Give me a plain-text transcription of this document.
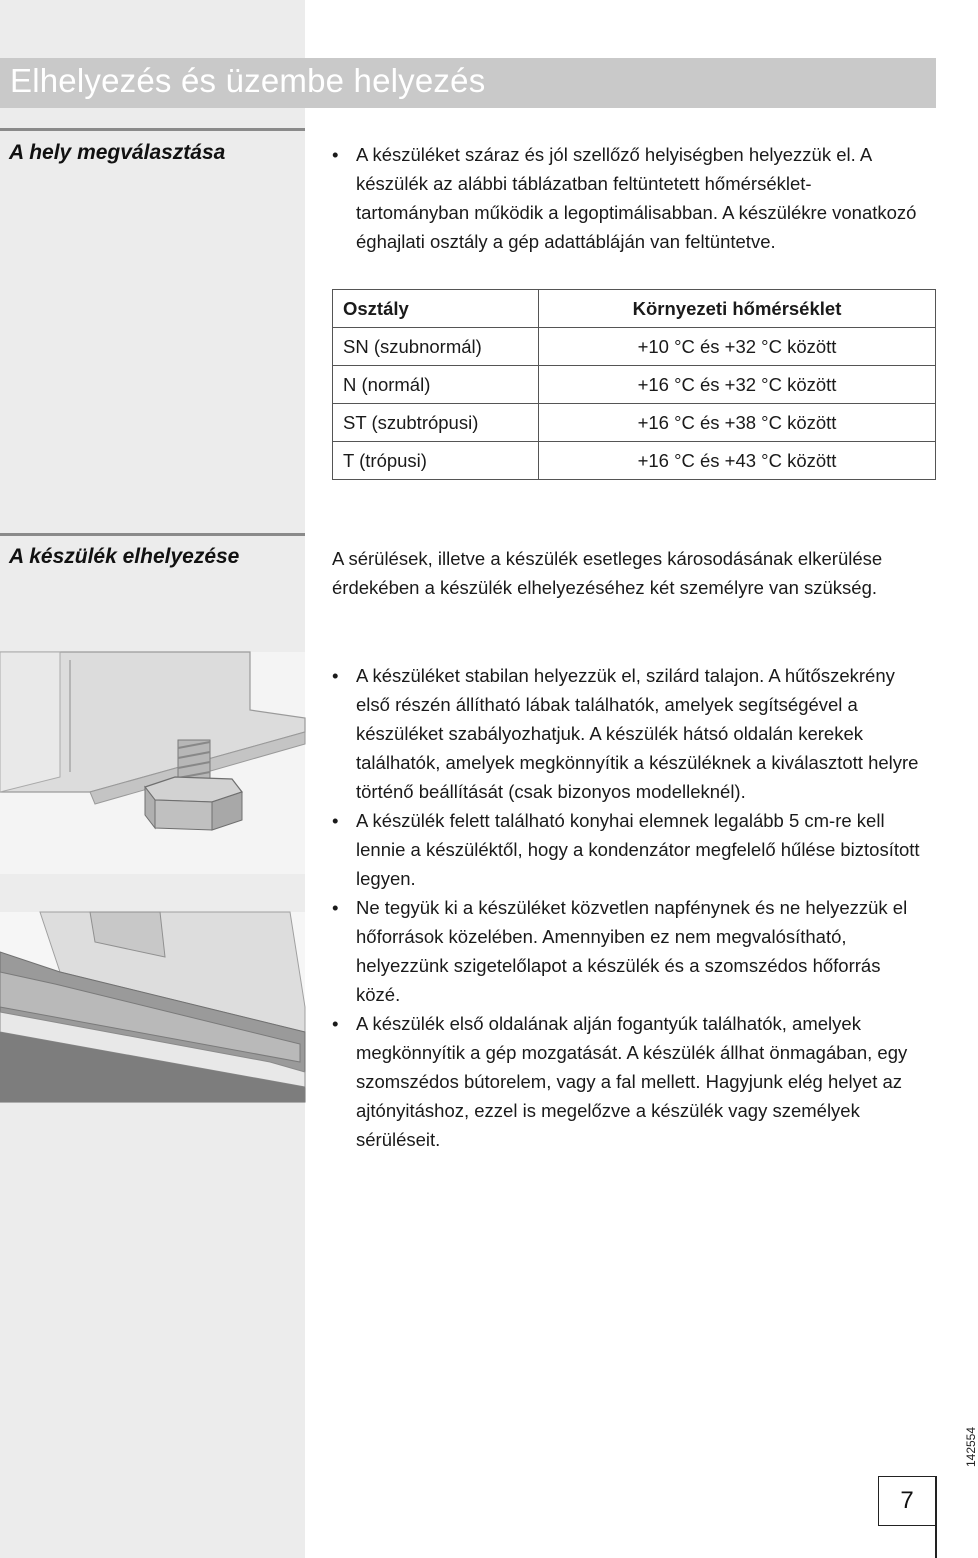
Elhelyezés és üzembe helyezés
A hely megválasztása	• A készüléket száraz és jól szellőző helyiségben helyezzük el. A készülék az alábbi táblázatban feltüntetett hőmérséklet-tartományban működik a legoptimálisabban. A készülékre vonatkozó éghajlati osztály a gép adattábláján van feltüntetve.
Osztály	Környezeti hőmérséklet
SN (szubnormál)	+10 °C és +32 °C között
N (normál)	+16 °C és +32 °C között
ST (szubtrópusi)	+16 °C és +38 °C között
T (trópusi)	+16 °C és +43 °C között
A készülék elhelyezése	A sérülések, illetve a készülék esetleges károsodásának elkerülése érdekében a készülék elhelyezéséhez két személyre van szükség.
• A készüléket stabilan helyezzük el, szilárd talajon. A hűtőszekrény első részén állítható lábak találhatók, amelyek segítségével a készüléket szabályozhatjuk. A készülék hátsó oldalán kerekek találhatók, amelyek megkönnyítik a készüléknek a kiválasztott helyre történő beállítását (csak bizonyos modelleknél).
• A készülék felett található konyhai elemnek legalább 5 cm-re kell lennie a készüléktől, hogy a kondenzátor megfelelő hűlése biztosított legyen.
• Ne tegyük ki a készüléket közvetlen napfénynek és ne helyezzük el hőforrások közelében. Amennyiben ez nem megvalósítható, helyezzünk szigetelőlapot a készülék és a szomszédos hőforrás közé.
• A készülék első oldalának alján fogantyúk találhatók, amelyek megkönnyítik a gép mozgatását. A készülék állhat önmagában, egy szomszédos bútorelem, vagy a fal mellett. Hagyjunk elég helyet az ajtónyitáshoz, ezzel is megelőzve a készülék vagy személyek sérüléseit.
142554
7
